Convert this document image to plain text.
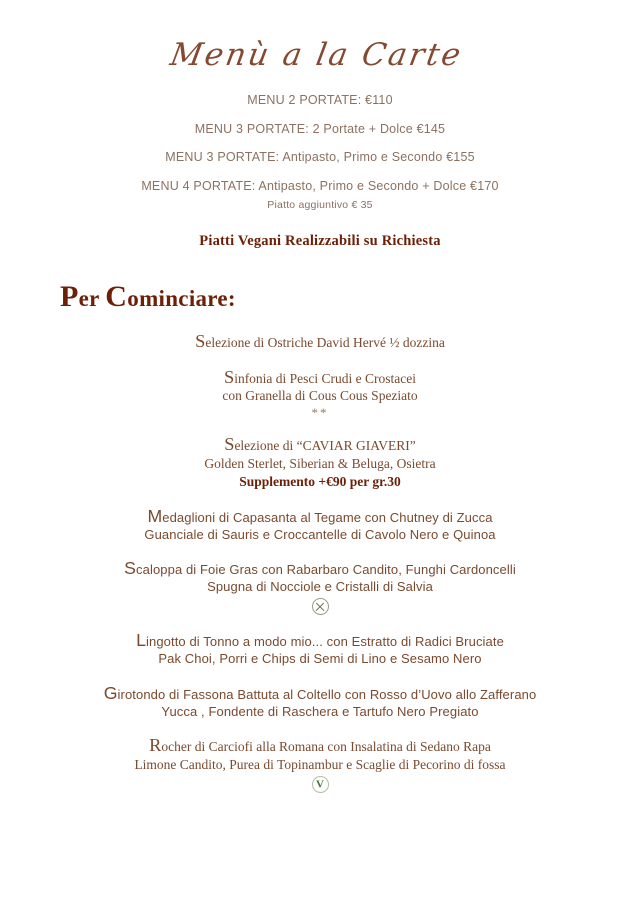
Menù a la Carte

MENU 2 PORTATE: €110

MENU 3 PORTATE: 2 Portate + Dolce €145

MENU 3 PORTATE: Antipasto, Primo e Secondo €155

MENU 4 PORTATE: Antipasto, Primo e Secondo + Dolce €170

Piatto aggiuntivo € 35

Piatti Vegani Realizzabili su Richiesta
Per Cominciare:
Selezione di Ostriche David Hervé ½ dozzina
Sinfonia di Pesci Crudi e Crostacei
con Granella di Cous Cous Speziato
**
Selezione di “CAVIAR GIAVERI”
Golden Sterlet, Siberian & Beluga, Osietra
Supplemento +€90 per gr.30
Medaglioni di Capasanta al Tegame con Chutney di Zucca
Guanciale di Sauris e Croccantelle di Cavolo Nero e Quinoa
Scaloppa di Foie Gras con Rabarbaro Candito, Funghi Cardoncelli
Spugna di Nocciole e Cristalli di Salvia
Lingotto di Tonno a modo mio... con Estratto di Radici Bruciate
Pak Choi, Porri e Chips di Semi di Lino e Sesamo Nero
Girotondo di Fassona Battuta al Coltello con Rosso d’Uovo allo Zafferano
Yucca , Fondente di Raschera e Tartufo Nero Pregiato
Rocher di Carciofi alla Romana con Insalatina di Sedano Rapa
Limone Candito, Purea di Topinambur e Scaglie di Pecorino di fossa
V
